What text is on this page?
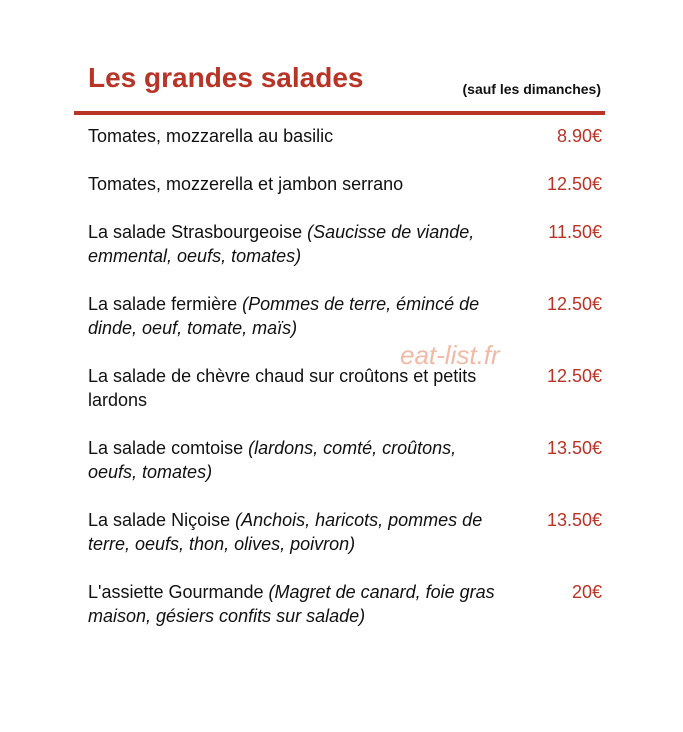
Les grandes salades	(sauf les dimanches)
Tomates, mozzarella au basilic	8.90€
Tomates, mozzerella et jambon serrano	12.50€
La salade Strasbourgeoise (Saucisse de viande, emmental, oeufs, tomates)
11.50€
La salade fermière (Pommes de terre, émincé de dinde, oeuf, tomate, maïs)
12.50€
La salade de chèvre chaud sur croûtons et petits lardons
12.50€
La salade comtoise (lardons, comté, croûtons, oeufs, tomates)
13.50€
La salade Niçoise (Anchois, haricots, pommes de terre, oeufs, thon, olives, poivron)
13.50€
L'assiette Gourmande (Magret de canard, foie gras maison, gésiers confits sur salade)
20€
eat-list.fr
